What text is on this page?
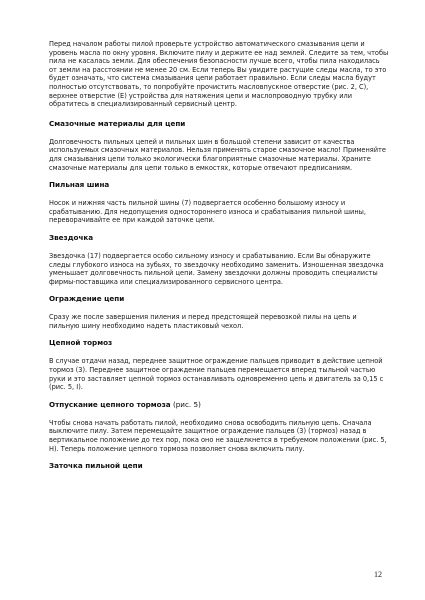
Перед началом работы пилой проверьте устройство автоматического смазывания цепи и уровень масла по окну уровня. Включите пилу и держите ее над землей. Следите за тем, чтобы пила не касалась земли. Для обеспечения безопасности лучше всего, чтобы пила находилась от земли на расстоянии не менее 20 см. Если теперь Вы увидите растущие следы масла, то это будет означать, что система смазывания цепи работает правильно. Если следы масла будут полностью отсутствовать, то попробуйте прочистить масловпускное отверстие (рис. 2, С), верхнее отверстие (Е) устройства для натяжения цепи и маслопроводную трубку или обратитесь в специализированный сервисный центр.

Смазочные материалы для цепи

Долговечность пильных цепей и пильных шин в большой степени зависит от качества используемых смазочных материалов. Нельзя применять старое смазочное масло! Применяйте для смазывания цепи только экологически благоприятные смазочные материалы. Храните смазочные материалы для цепи только в емкостях, которые отвечают предписаниям.

Пильная шина

Носок и нижняя часть пильной шины (7) подвергается особенно большому износу и срабатыванию. Для недопущения одностороннего износа и срабатывания пильной шины, переворачивайте ее при каждой заточке цепи.

Звездочка

Звездочка (17) подвергается особо сильному износу и срабатыванию. Если Вы обнаружите следы глубокого износа на зубьях, то звездочку необходимо заменить. Изношенная звездочка уменьшает долговечность пильной цепи. Замену звездочки должны проводить специалисты фирмы-поставщика или специализированного сервисного центра.

Ограждение цепи

Сразу же после завершения пиления и перед предстоящей перевозкой пилы на цепь и пильную шину необходимо надеть пластиковый чехол.

Цепной тормоз

В случае отдачи назад, переднее защитное ограждение пальцев приводит в действие цепной тормоз (3). Переднее защитное ограждение пальцев перемещается вперед тыльной частью руки и это заставляет цепной тормоз останавливать одновременно цепь и двигатель за 0,15 с (рис. 5, I).

Отпускание цепного тормоза (рис. 5)

Чтобы снова начать работать пилой, необходимо снова освободить пильную цепь. Сначала выключите пилу. Затем перемещайте защитное ограждение пальцев (3) (тормоз) назад в вертикальное положение до тех пор, пока оно не защелкнется в требуемом положении (рис. 5, Н). Теперь положение цепного тормоза позволяет снова включить пилу.

Заточка пильной цепи
12
